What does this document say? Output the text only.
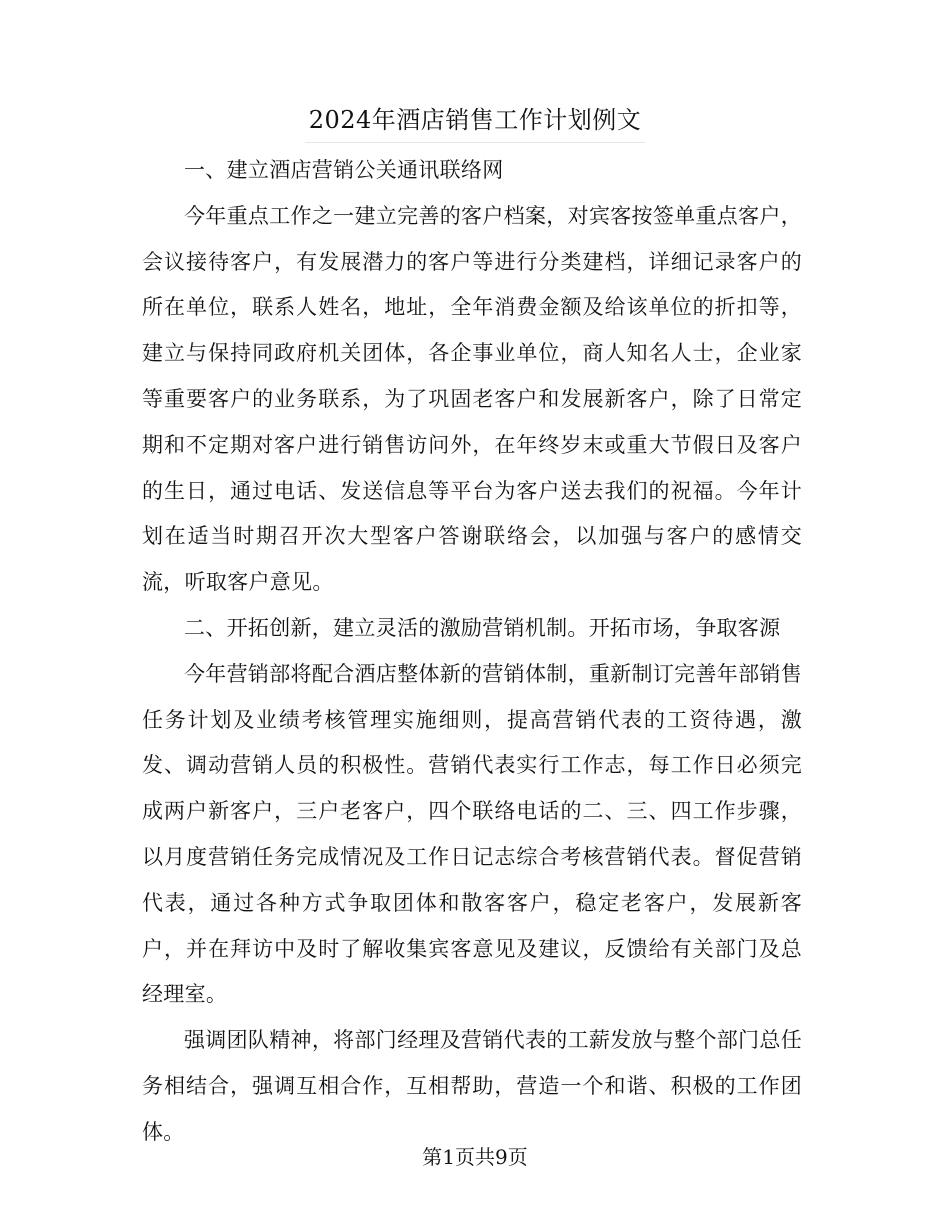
2024年酒店销售工作计划例文

一、建立酒店营销公关通讯联络网

今年重点工作之一建立完善的客户档案，对宾客按签单重点客户，会议接待客户，有发展潜力的客户等进行分类建档，详细记录客户的所在单位，联系人姓名，地址，全年消费金额及给该单位的折扣等，建立与保持同政府机关团体，各企事业单位，商人知名人士，企业家等重要客户的业务联系，为了巩固老客户和发展新客户，除了日常定期和不定期对客户进行销售访问外，在年终岁末或重大节假日及客户的生日，通过电话、发送信息等平台为客户送去我们的祝福。今年计划在适当时期召开次大型客户答谢联络会，以加强与客户的感情交流，听取客户意见。

二、开拓创新，建立灵活的激励营销机制。开拓市场，争取客源

今年营销部将配合酒店整体新的营销体制，重新制订完善年部销售任务计划及业绩考核管理实施细则，提高营销代表的工资待遇，激发、调动营销人员的积极性。营销代表实行工作志，每工作日必须完成两户新客户，三户老客户，四个联络电话的二、三、四工作步骤，以月度营销任务完成情况及工作日记志综合考核营销代表。督促营销代表，通过各种方式争取团体和散客客户，稳定老客户，发展新客户，并在拜访中及时了解收集宾客意见及建议，反馈给有关部门及总经理室。

强调团队精神，将部门经理及营销代表的工薪发放与整个部门总任务相结合，强调互相合作，互相帮助，营造一个和谐、积极的工作团体。

第1页共9页
